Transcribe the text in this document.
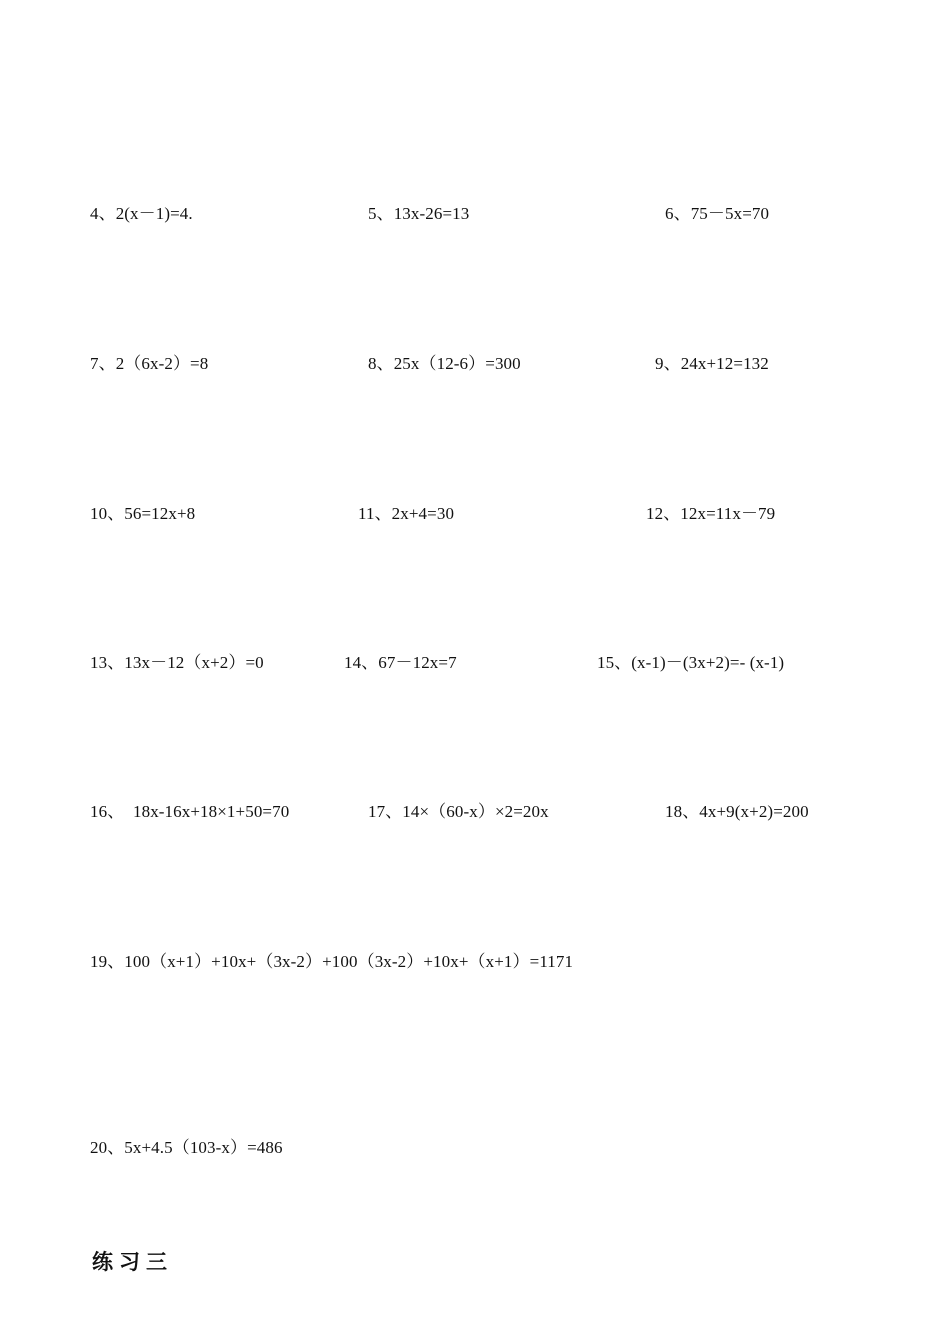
4、2(x－1)=4.	5、13x-26=13	6、75－5x=70
7、2（6x-2）=8	8、25x（12-6）=300	9、24x+12=132
10、56=12x+8	11、2x+4=30	12、12x=11x－79
13、13x－12（x+2）=0	14、67－12x=7	15、(x-1)－(3x+2)=- (x-1)
16、  18x-16x+18×1+50=70	17、14×（60-x）×2=20x	18、4x+9(x+2)=200
19、100（x+1）+10x+（3x-2）+100（3x-2）+10x+（x+1）=1171
20、5x+4.5（103-x）=486
练习三
